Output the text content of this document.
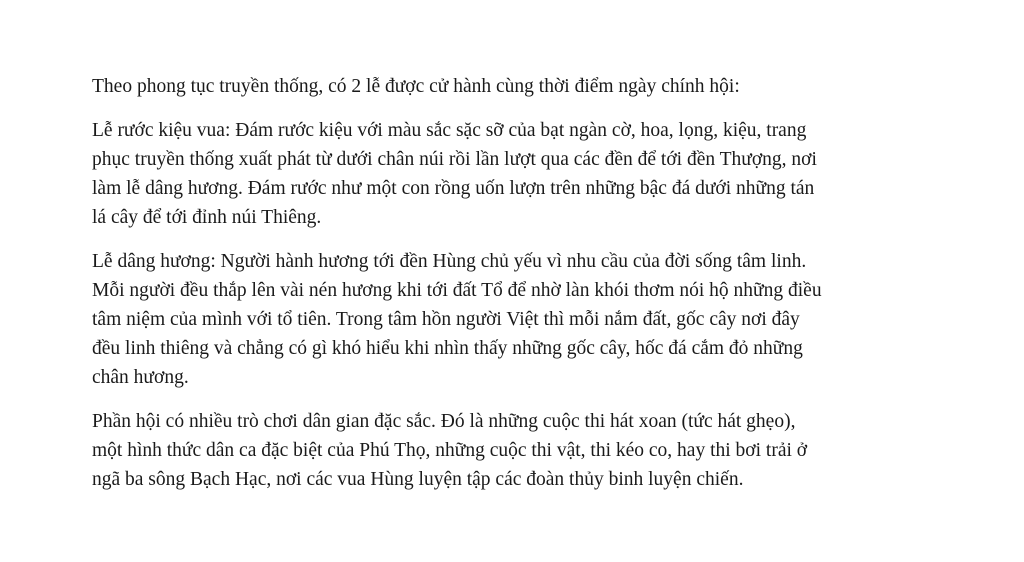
Theo phong tục truyền thống, có 2 lễ được cử hành cùng thời điểm ngày chính hội:

Lễ rước kiệu vua: Đám rước kiệu với màu sắc sặc sỡ của bạt ngàn cờ, hoa, lọng, kiệu, trang
phục truyền thống xuất phát từ dưới chân núi rồi lần lượt qua các đền để tới đền Thượng, nơi
làm lễ dâng hương. Đám rước như một con rồng uốn lượn trên những bậc đá dưới những tán
lá cây để tới đỉnh núi Thiêng.

Lễ dâng hương: Người hành hương tới đền Hùng chủ yếu vì nhu cầu của đời sống tâm linh.
Mỗi người đều thắp lên vài nén hương khi tới đất Tổ để nhờ làn khói thơm nói hộ những điều
tâm niệm của mình với tổ tiên. Trong tâm hồn người Việt thì mỗi nắm đất, gốc cây nơi đây
đều linh thiêng và chẳng có gì khó hiểu khi nhìn thấy những gốc cây, hốc đá cắm đỏ những
chân hương.

Phần hội có nhiều trò chơi dân gian đặc sắc. Đó là những cuộc thi hát xoan (tức hát ghẹo),
một hình thức dân ca đặc biệt của Phú Thọ, những cuộc thi vật, thi kéo co, hay thi bơi trải ở
ngã ba sông Bạch Hạc, nơi các vua Hùng luyện tập các đoàn thủy binh luyện chiến.
